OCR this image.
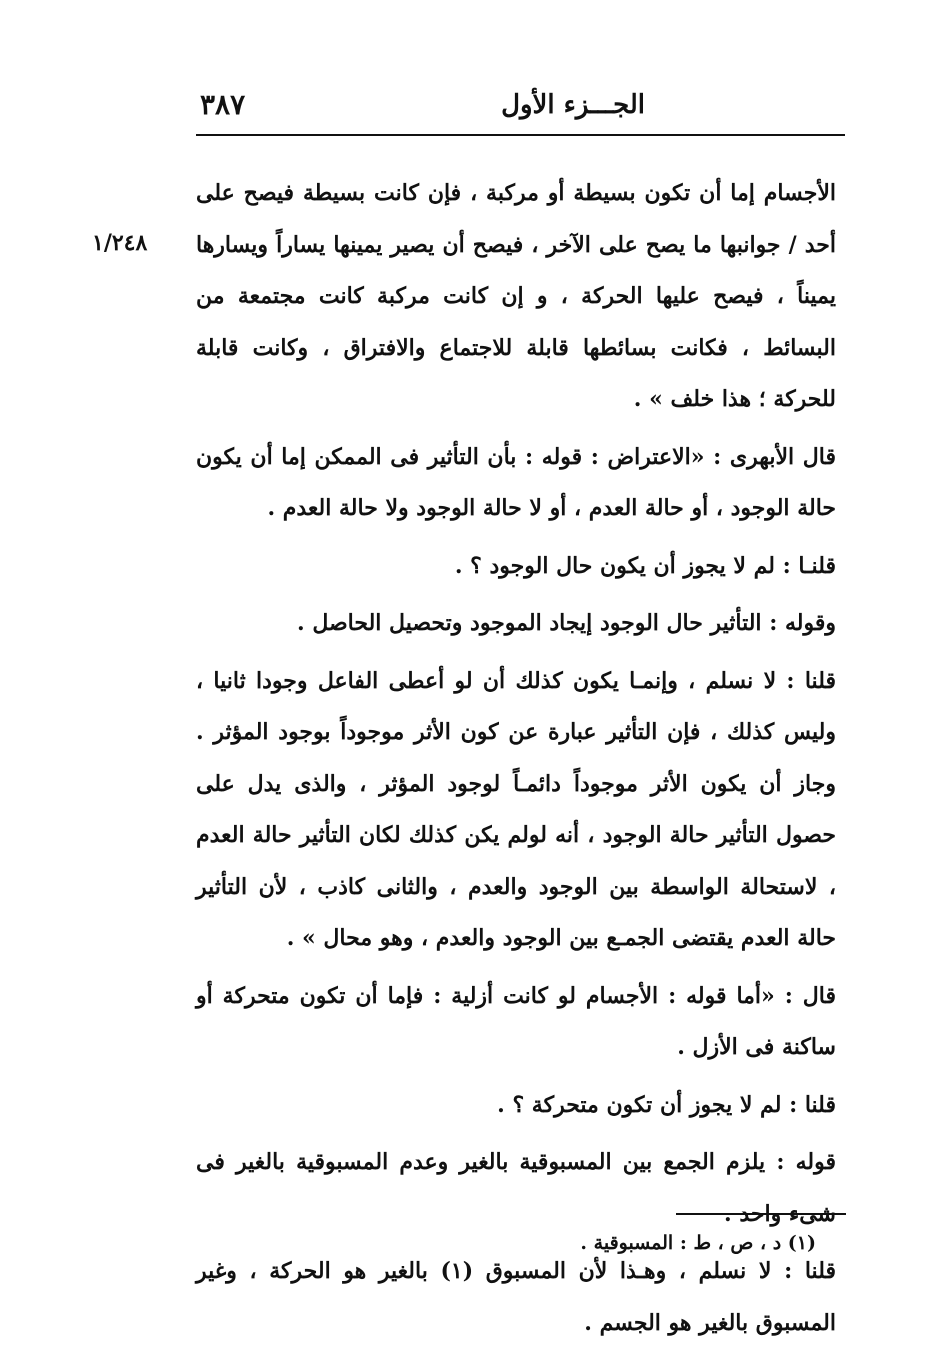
الجـــزء الأول
٣٨٧
١/٢٤٨

الأجسام إما أن تكون بسيطة أو مركبة ، فإن كانت بسيطة فيصح على أحد / جوانبها ما يصح على الآخر ، فيصح أن يصير يمينها يساراً ويسارها يميناً ، فيصح عليها الحركة ، و إن كانت مركبة كانت مجتمعة من البسائط ، فكانت بسائطها قابلة للاجتماع والافتراق ، وكانت قابلة للحركة ؛ هذا خلف » .

قال الأبهرى : «الاعتراض : قوله : بأن التأثير فى الممكن إما أن يكون حالة الوجود ، أو حالة العدم ، أو لا حالة الوجود ولا حالة العدم .

قلنـا : لم لا يجوز أن يكون حال الوجود ؟ .

وقوله : التأثير حال الوجود إيجاد الموجود وتحصيل الحاصل .

قلنا : لا نسلم ، وإنمـا يكون كذلك أن لو أعطى الفاعل وجودا ثانيا ، وليس كذلك ، فإن التأثير عبارة عن كون الأثر موجوداً بوجود المؤثر . وجاز أن يكون الأثر موجوداً دائمـاً لوجود المؤثر ، والذى يدل على حصول التأثير حالة الوجود ، أنه لولم يكن كذلك لكان التأثير حالة العدم ، لاستحالة الواسطة بين الوجود والعدم ، والثانى كاذب ، لأن التأثير حالة العدم يقتضى الجمـع بين الوجود والعدم ، وهو محال » .

قال : «أما قوله : الأجسام لو كانت أزلية : فإما أن تكون متحركة أو ساكنة فى الأزل .

قلنا : لم لا يجوز أن تكون متحركة ؟ .

قوله : يلزم الجمع بين المسبوقية بالغير وعدم المسبوقية بالغير فى شىء واحد .

قلنا : لا نسلم ، وهـذا لأن المسبوق (١) بالغير هو الحركة ، وغير المسبوق بالغير هو الجسم .

(١) د ، ص ، ط : المسبوقية .
